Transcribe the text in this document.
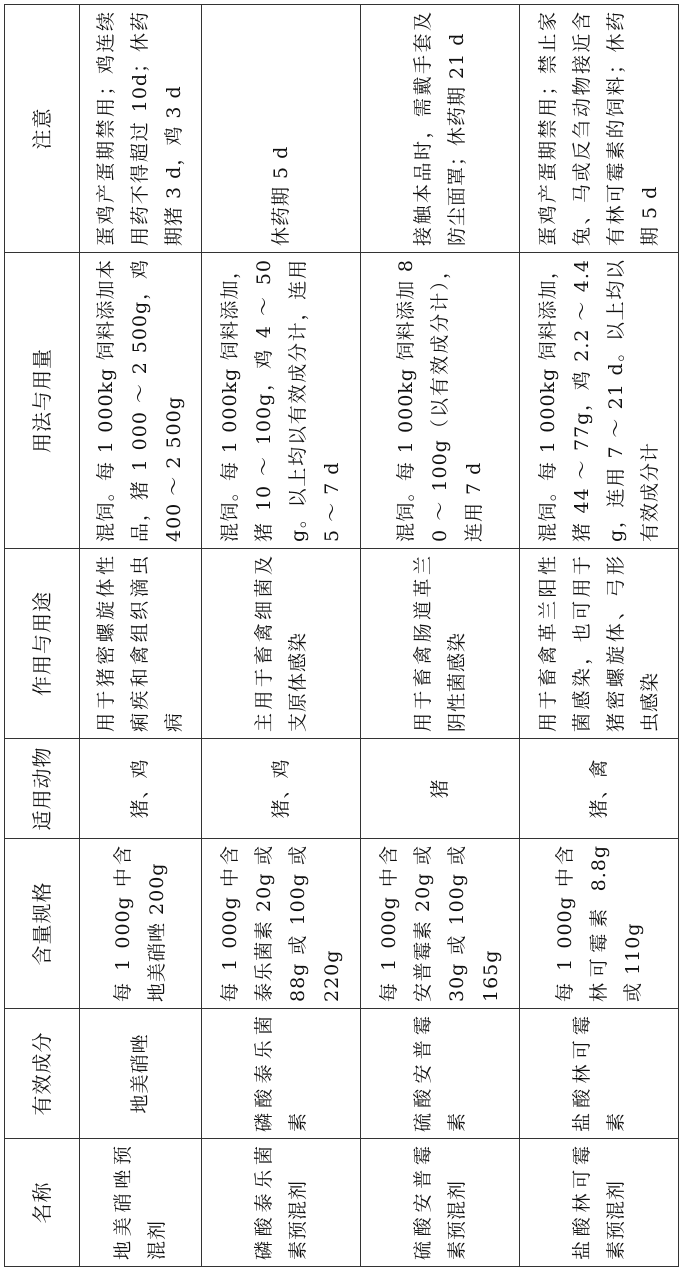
名称	有效成分	含量规格	适用动物	作用与用途	用法与用量	注意
地美硝唑预混剂	地美硝唑	每 1 000g 中含地美硝唑 200g	猪、鸡	用于猪密螺旋体性痢疾和禽组织滴虫病	混饲。每 1 000kg 饲料添加本品，猪 1 000 ～ 2 500g，鸡 400 ～ 2 500g	蛋鸡产蛋期禁用；鸡连续用药不得超过 10d；休药期猪 3 d，鸡 3 d
磷酸泰乐菌素预混剂	磷酸泰乐菌素	每 1 000g 中含泰乐菌素 20g 或 88g 或 100g 或 220g	猪、鸡	主用于畜禽细菌及支原体感染	混饲。每 1 000kg 饲料添加，猪 10 ～ 100g，鸡 4 ～ 50g。以上均以有效成分计，连用 5 ～ 7 d	休药期 5 d
硫酸安普霉素预混剂	硫酸安普霉素	每 1 000g 中含安普霉素 20g 或 30g 或 100g 或 165g	猪	用于畜禽肠道革兰阴性菌感染	混饲。每 1 000kg 饲料添加 80 ～ 100g（以有效成分计），连用 7 d	接触本品时，需戴手套及防尘面罩；休药期 21 d
盐酸林可霉素预混剂	盐酸林可霉素	每 1 000g 中含林可霉素 8.8g 或 110g	猪、禽	用于畜禽革兰阳性菌感染，也可用于猪密螺旋体、弓形虫感染	混饲。每 1 000kg 饲料添加，猪 44 ～ 77g，鸡 2.2 ～ 4.4g，连用 7 ～ 21 d。以上均以有效成分计	蛋鸡产蛋期禁用；禁止家兔、马或反刍动物接近含有林可霉素的饲料；休药期 5 d
